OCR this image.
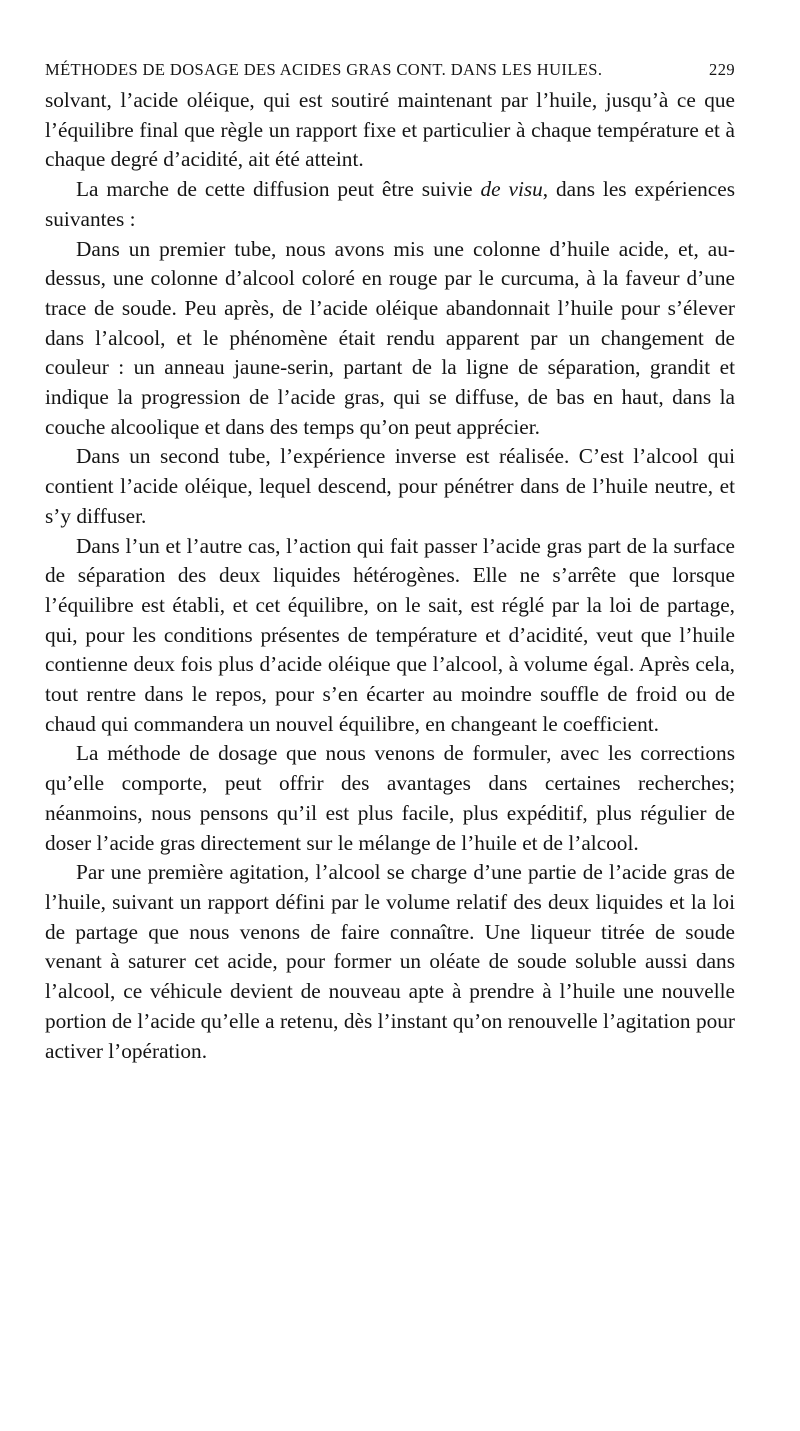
MÉTHODES DE DOSAGE DES ACIDES GRAS CONT. DANS LES HUILES.	229

solvant, l’acide oléique, qui est soutiré maintenant par l’huile, jusqu’à ce que l’équilibre final que règle un rapport fixe et particulier à chaque température et à chaque degré d’acidité, ait été atteint.

La marche de cette diffusion peut être suivie de visu, dans les expériences suivantes :

Dans un premier tube, nous avons mis une colonne d’huile acide, et, au-dessus, une colonne d’alcool coloré en rouge par le curcuma, à la faveur d’une trace de soude. Peu après, de l’acide oléique abandonnait l’huile pour s’élever dans l’alcool, et le phénomène était rendu apparent par un changement de couleur : un anneau jaune-serin, partant de la ligne de séparation, grandit et indique la progression de l’acide gras, qui se diffuse, de bas en haut, dans la couche alcoolique et dans des temps qu’on peut apprécier.

Dans un second tube, l’expérience inverse est réalisée. C’est l’alcool qui contient l’acide oléique, lequel descend, pour pénétrer dans de l’huile neutre, et s’y diffuser.

Dans l’un et l’autre cas, l’action qui fait passer l’acide gras part de la surface de séparation des deux liquides hétérogènes. Elle ne s’arrête que lorsque l’équilibre est établi, et cet équilibre, on le sait, est réglé par la loi de partage, qui, pour les conditions présentes de température et d’acidité, veut que l’huile contienne deux fois plus d’acide oléique que l’alcool, à volume égal. Après cela, tout rentre dans le repos, pour s’en écarter au moindre souffle de froid ou de chaud qui commandera un nouvel équilibre, en changeant le coefficient.

La méthode de dosage que nous venons de formuler, avec les corrections qu’elle comporte, peut offrir des avantages dans certaines recherches; néanmoins, nous pensons qu’il est plus facile, plus expéditif, plus régulier de doser l’acide gras directement sur le mélange de l’huile et de l’alcool.

Par une première agitation, l’alcool se charge d’une partie de l’acide gras de l’huile, suivant un rapport défini par le volume relatif des deux liquides et la loi de partage que nous venons de faire connaître. Une liqueur titrée de soude venant à saturer cet acide, pour former un oléate de soude soluble aussi dans l’alcool, ce véhicule devient de nouveau apte à prendre à l’huile une nouvelle portion de l’acide qu’elle a retenu, dès l’instant qu’on renouvelle l’agitation pour activer l’opération.
